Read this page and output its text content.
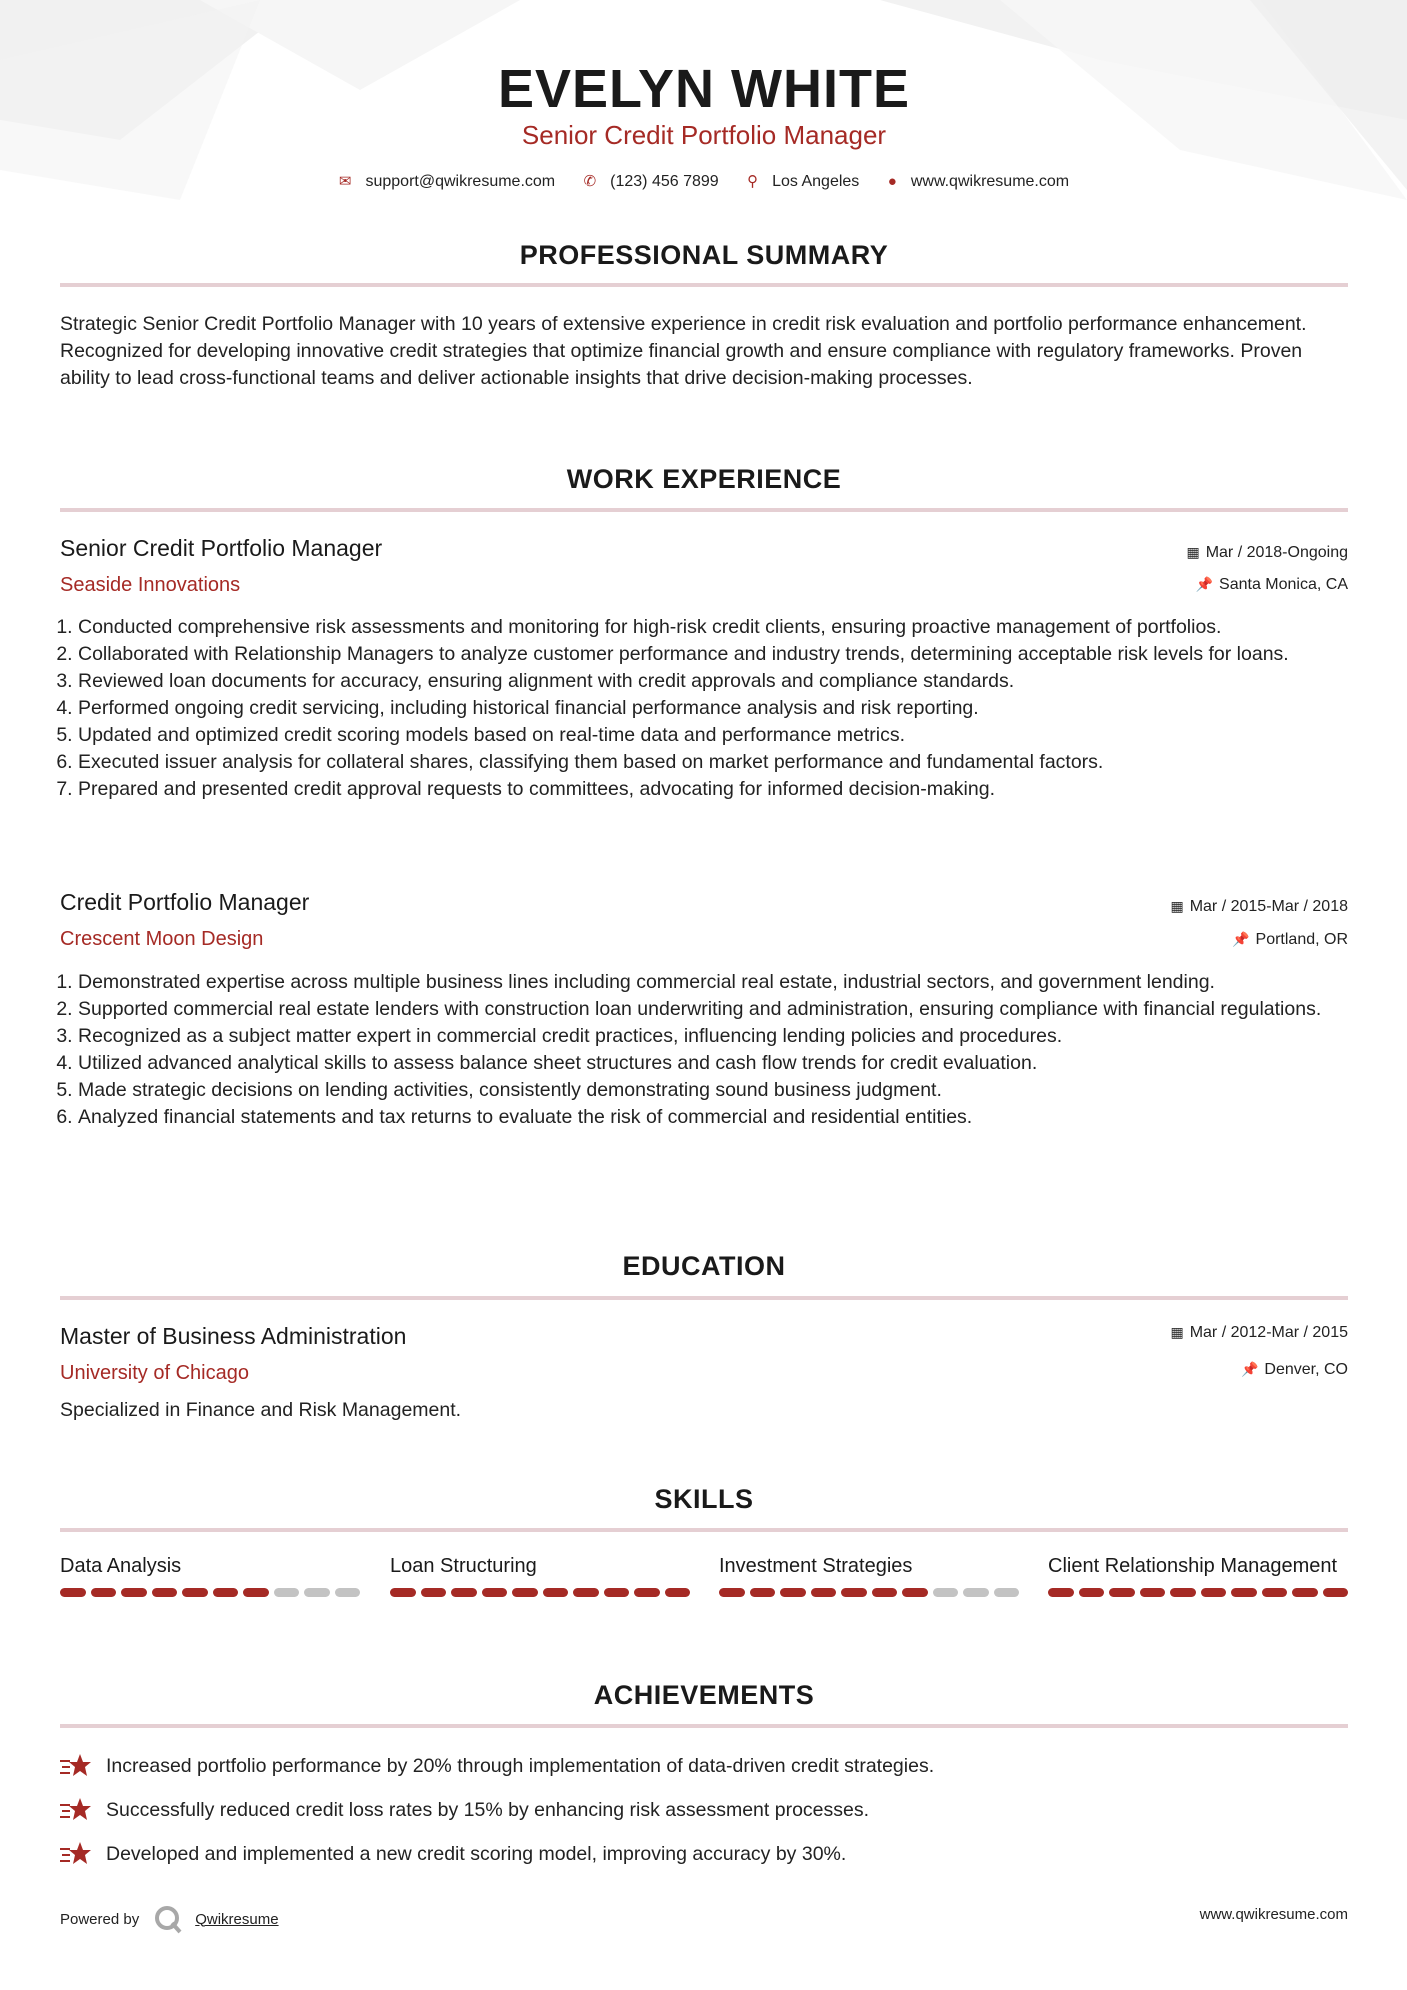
EVELYN WHITE
Senior Credit Portfolio Manager
✉ support@qwikresume.com ✆ (123) 456 7899 ⚲ Los Angeles ● www.qwikresume.com
PROFESSIONAL SUMMARY
Strategic Senior Credit Portfolio Manager with 10 years of extensive experience in credit risk evaluation and portfolio performance enhancement. Recognized for developing innovative credit strategies that optimize financial growth and ensure compliance with regulatory frameworks. Proven ability to lead cross-functional teams and deliver actionable insights that drive decision-making processes.
WORK EXPERIENCE
Senior Credit Portfolio Manager	▦ Mar / 2018-Ongoing
Seaside Innovations	📌 Santa Monica, CA
1. Conducted comprehensive risk assessments and monitoring for high-risk credit clients, ensuring proactive management of portfolios.
2. Collaborated with Relationship Managers to analyze customer performance and industry trends, determining acceptable risk levels for loans.
3. Reviewed loan documents for accuracy, ensuring alignment with credit approvals and compliance standards.
4. Performed ongoing credit servicing, including historical financial performance analysis and risk reporting.
5. Updated and optimized credit scoring models based on real-time data and performance metrics.
6. Executed issuer analysis for collateral shares, classifying them based on market performance and fundamental factors.
7. Prepared and presented credit approval requests to committees, advocating for informed decision-making.
Credit Portfolio Manager	▦ Mar / 2015-Mar / 2018
Crescent Moon Design	📌 Portland, OR
1. Demonstrated expertise across multiple business lines including commercial real estate, industrial sectors, and government lending.
2. Supported commercial real estate lenders with construction loan underwriting and administration, ensuring compliance with financial regulations.
3. Recognized as a subject matter expert in commercial credit practices, influencing lending policies and procedures.
4. Utilized advanced analytical skills to assess balance sheet structures and cash flow trends for credit evaluation.
5. Made strategic decisions on lending activities, consistently demonstrating sound business judgment.
6. Analyzed financial statements and tax returns to evaluate the risk of commercial and residential entities.
EDUCATION
Master of Business Administration	▦ Mar / 2012-Mar / 2015
University of Chicago	📌 Denver, CO
Specialized in Finance and Risk Management.
SKILLS
Data Analysis	Loan Structuring	Investment Strategies	Client Relationship Management
ACHIEVEMENTS
Increased portfolio performance by 20% through implementation of data-driven credit strategies.
Successfully reduced credit loss rates by 15% by enhancing risk assessment processes.
Developed and implemented a new credit scoring model, improving accuracy by 30%.
Powered by	Qwikresume	www.qwikresume.com
